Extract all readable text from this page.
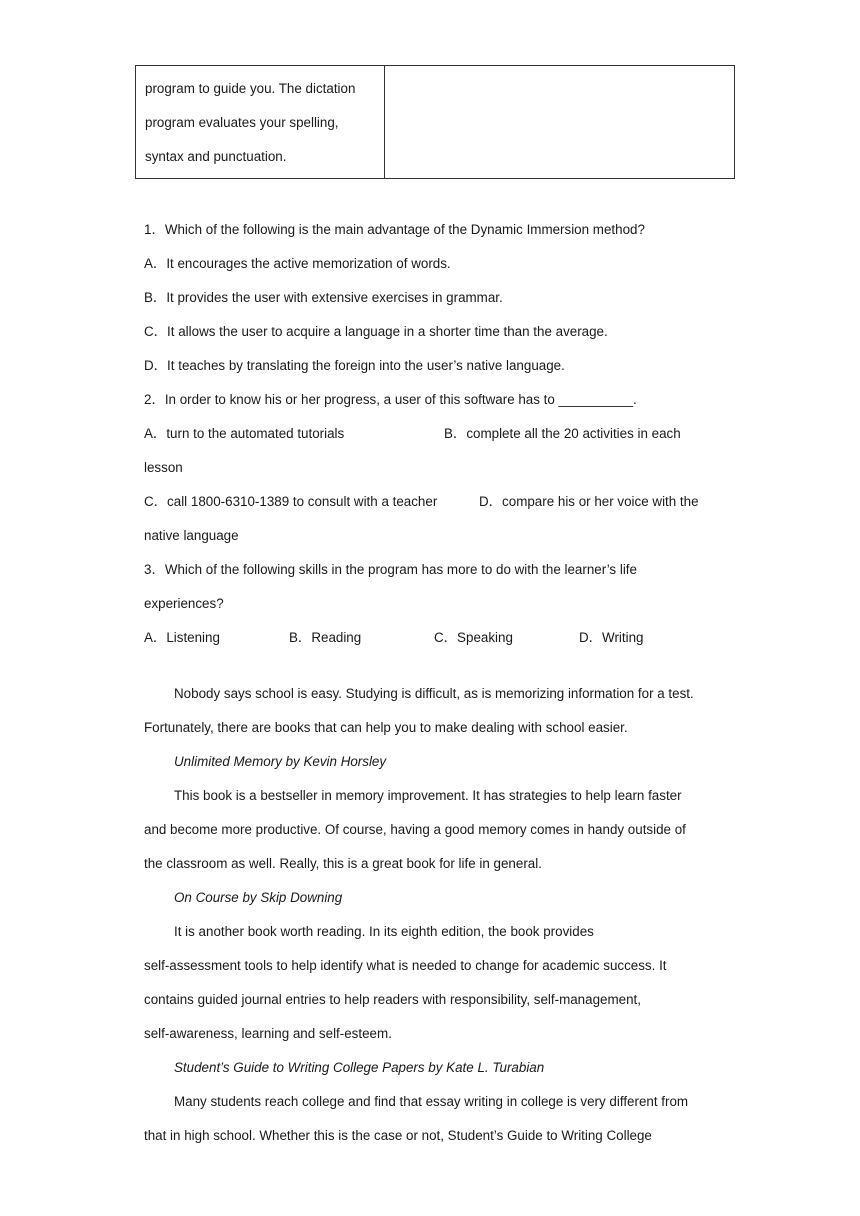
program to guide you. The dictation
program evaluates your spelling,
syntax and punctuation.
1．Which of the following is the main advantage of the Dynamic Immersion method?
A．It encourages the active memorization of words.
B．It provides the user with extensive exercises in grammar.
C．It allows the user to acquire a language in a shorter time than the average.
D．It teaches by translating the foreign into the user’s native language.
2．In order to know his or her progress, a user of this software has to __________.
A．turn to the automated tutorials	B．complete all the 20 activities in each
lesson
C．call 1800-6310-1389 to consult with a teacher	D．compare his or her voice with the
native language
3．Which of the following skills in the program has more to do with the learner’s life
experiences?
A．Listening	B．Reading	C．Speaking	D．Writing
Nobody says school is easy. Studying is difficult, as is memorizing information for a test.
Fortunately, there are books that can help you to make dealing with school easier.
Unlimited Memory by Kevin Horsley
This book is a bestseller in memory improvement. It has strategies to help learn faster
and become more productive. Of course, having a good memory comes in handy outside of
the classroom as well. Really, this is a great book for life in general.
On Course by Skip Downing
It is another book worth reading. In its eighth edition, the book provides
self-assessment tools to help identify what is needed to change for academic success. It
contains guided journal entries to help readers with responsibility, self-management,
self-awareness, learning and self-esteem.
Student’s Guide to Writing College Papers by Kate L. Turabian
Many students reach college and find that essay writing in college is very different from
that in high school. Whether this is the case or not, Student’s Guide to Writing College
